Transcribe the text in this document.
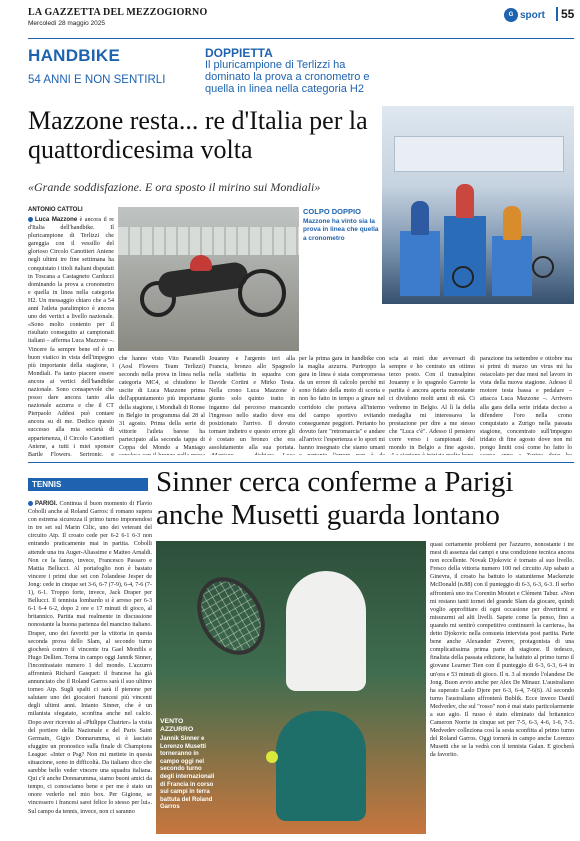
LA GAZZETTA DEL MEZZOGIORNO
Mercoledì 28 maggio 2025
G sport	55
HANDBIKE
54 ANNI E NON SENTIRLI
DOPPIETTA
Il pluricampione di Terlizzi ha dominato la prova a cronometro e quella in linea nella categoria H2
Mazzone resta... re d'Italia per la quattordicesima volta
«Grande soddisfazione. E ora sposto il mirino sui Mondiali»
ANTONIO CATTOLI
Luca Mazzone è ancora il re d'Italia dell'handbike. Il pluricampione di Terlizzi che gareggia con il vessillo del glorioso Circolo Canottieri Aniene negli ultimi tre fine settimana ha conquistato i titoli italiani disputati in Toscana a Castagneto Carducci dominando la prova a cronometro e quella in linea nella categoria H2. Un messaggio chiaro che a 54 anni l'atleta paralimpico è ancora uno dei vertici a livello nazionale. «Sono molto contento per il risultato conseguito ai campionati italiani – afferma Luca Mazzone –. Vincere fa sempre bene ed è un buon viatico in vista dell'impegno più importante della stagione, i Mondiali. Fa tanto piacere essere ancora ai vertici dell'handbike nazionale. Sono consapevole che posso dare ancora tanto alla nazionale azzurra e che il CT Pierpaolo Addesi può contare ancora su di me. Dedico questo successo alla mia società di appartenenza, il Circolo Canottieri Aniene, a tutti i miei sponsor Bartle Flowers, Sertronic, e
COLPO DOPPIO
Mazzone ha vinto sia la prova in linea che quella a cronometro
che hanno visto Vito Paranelli (Aosl Flowers Team Terlizzi) secondo nella prova in linea nella categoria MC4, si chiudono le uscite di Luca Mazzone prima dell'appuntamento più importante della stagione, i Mondiali di Ronse in Belgio in programma dal 28 al 31 agosto. Prima della serie di vittorie l'atleta barese ha partecipato alla seconda tappa di Coppa del Mondo a Maniago
Jouanny e l'argento ieri alla Francia, bronzo allo Spagnolo nella staffetta in squadra con Davide Cortini e Mirko Testa. Nella crono Luca Mazzone è giunto solo quinto tratto in inganno dal percorso mancando l'ingresso nello stadio dove era posizionato l'arrivo. Il dovuto tornare indietro e questo errore gli è costato un bronzo che era assolutamente alla sua portata.
per la prima gara in handbike con la maglia azzurra. Purtroppo la gara in linea è stata compromessa da un errore di calcolo perché mi sono fidato della moto di scorta e non ho fatto in tempo a girare nel corridoio che portava all'interno del campo sportivo evitando conseguenze peggiori. Pertanto ho dovuto fare "retromarcia" e andare all'arrivo: l'esperienza e lo sport mi hanno insegnato che siamo umani
scia ai miei due avversari di sempre e ho centrato un ottimo terzo posto. Con il transalpino Jouanny e lo spagnolo Garrote la partita è ancora aperta nonostante ci dividono molti anni di età. Ci vedremo in Belgio. Al lì la della medaglia mi interessava la prestazione per dire a me stesso che "Luca c'è". Adesso il pensiero corre verso i campionati del mondo in Belgio a fine agosto.
parazione tra settembre e ottobre ma si primi di marzo un virus mi ha ostacolato per due mesi nel lavoro in vista della nuova stagione. Adesso il motore testa bassa e pedalare – attacca Luca Mazzone –. Arrivero alla gara della serie iridata deciso a difendere l'oro nella crono conquistato a Zurigo nella passata stagione, concentrato sull'impegno iridato di fine agosto dove non mi pongo limiti così come ho fatto lo
TENNIS	Sinner cerca conferme a Parigi anche Musetti guarda lontano
PARIGI. Continua il buon momento di Flavio Cobolli anche al Roland Garros: il romano supera con estrema sicurezza il primo turno imponendosi in tre set sul Marin Cilic, uno dei veterani del circuito Atp. Il croato cede per 6-2 6-1 6-3 non entrando praticamente mai in partita. Cobolli attende una tra Auger-Aliassime e Matteo Arnaldi. Non ce la fanno, invece, Francesco Passaro e Mattia Bellucci. Al portafoglio non è bastato vincere i primi due set con l'olandese Jesper de Jong: cede in cinque set 3-6, 6-7 (7-9), 6-4, 7-6 (7-1), 6-1. Troppo forte, invece, Jack Draper per Bellucci. Il tennista lombardo si è arreso per 6-3 6-1 6-4 6-2, dopo 2 ore e 17 minuti di gioco, al britannico. Partita mai realmente in discussione nonostante la buona partenza del mancino italiano. Draper, uno dei favoriti per la vittoria in questa seconda prova dello Slam, al secondo turno giocherà contro il vincente tra Gael Monfils e Hugo Dellien. Torna in campo oggi Jannik Sinner, l'incontrastato numero 1 del mondo. L'azzurro affronterà Richard Gasquet: il francese ha già annunciato che il Roland Garros sarà il suo ultimo torneo Atp. Sugli spalti ci sarà il pienone per salutare uno dei giocatori francesi più vincenti degli ultimi anni. Intanto Sinner, che è un milanista sfegatato, sconfina anche nel calcio. Dopo aver ricevuto al «Philippe Chatrier» la visita del portiere della Nazionale e del Paris Saint Germain, Gigio Donnarumma, si è lasciato sfuggire un pronostico sulla finale di Champions League: «Inter o Psg? Non mi mettete in questa situazione, sono in difficoltà. Da italiano dico che sarebbe bello veder vincere una squadra italiana. Qui c'è anche Donnarumma, siamo buoni amici da tempo, ci conosciamo bene e per me è stato un onore vederlo nel mio box. Per Gigione, se vincessero i francesi sarei felice lo stesso per lui». Sul campo da tennis, invece, non ci saranno
VENTO AZZURRO
Jannik Sinner e Lorenzo Musetti torneranno in campo oggi nel secondo turno degli internazionali di Francia in corso sui campi in terra battuta del Roland Garros
quasi certamente problemi per l'azzurro, nonostante i tre mesi di assenza dai campi e una condizione tecnica ancora non eccellente. Novak Djokovic è tornato al suo livello. Fresco della vittoria numero 100 nel circuito Atp sabato a Ginevra, il croato ha battuto lo statunitense Mackenzie McDonald (n.88) con il punteggio di 6-3, 6-3, 6-3. Il serbo affronterà uno tra Corentin Moutet e Clément Tabur. «Non mi restano tanti tornei del grande Slam da giocare, quindi voglio approfittare di ogni occasione per divertirmi e misurarmi ad alti livelli. Sapete come la penso, fino a quando mi sentirò competitivo continuerò la carriera», ha detto Djokovic nella consueta intervista post partita. Parte bene anche Alexander Zverev, protagonista di una complicatissima prima parte di stagione. Il tedesco, finalista della passata edizione, ha battuto al primo turno il giovane Learner Tien con il punteggio di 6-3, 6-3, 6-4 in un'ora e 53 minuti di gioco. Il n. 3 al mondo l'olandese De Jong. Buon avvio anche per Alex De Minaur. L'australiano ha superato Laslo Djere per 6-3, 6-4, 7-6(6). Al secondo turno l'australiano affronterà Bublik. Ecce invece Daniil Medvedev, che sul "rosso" non è mai stato particolarmente a suo agio. Il russo è stato eliminato dal britannico Cameron Norrie in cinque set per 7-5, 6-3, 4-6, 1-6, 7-5. Medvedev colleziona così la sesta sconfitta al primo turno del Roland Garros. Oggi tornerà in campo anche Lorenzo Musetti che se la vedrà con il tennista Galan. E giocherà da favorito.
